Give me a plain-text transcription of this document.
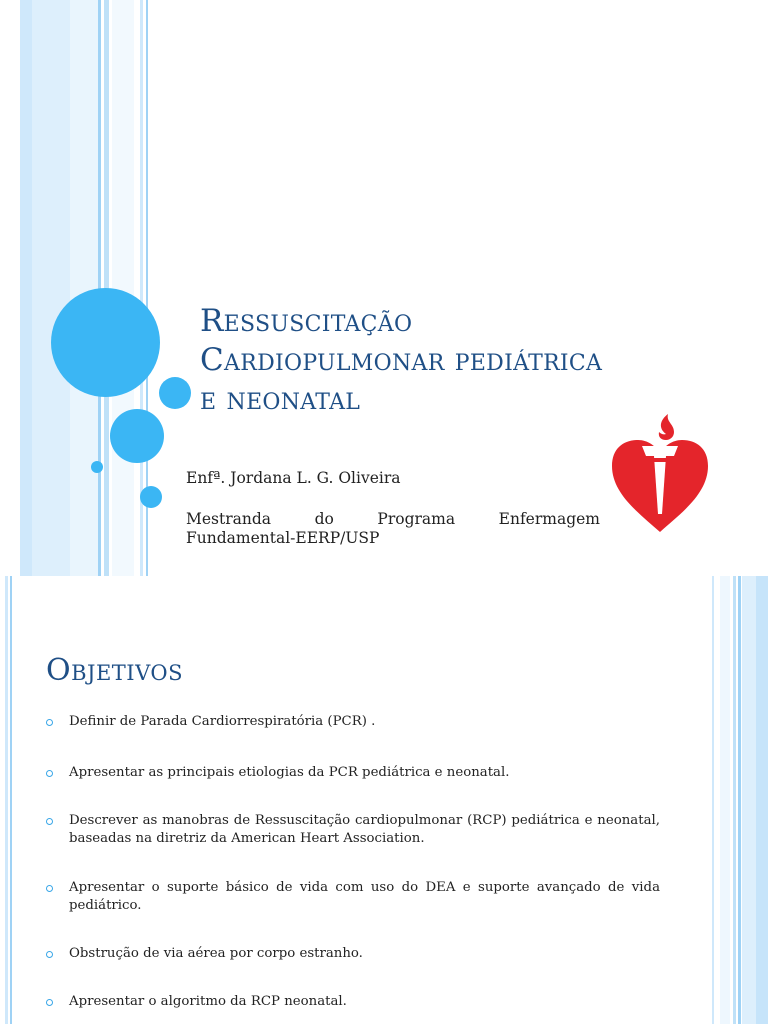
Ressuscitação
Cardiopulmonar pediátrica
e neonatal
Enfª. Jordana L. G. Oliveira
Mestranda do Programa Enfermagem
Fundamental-EERP/USP
Objetivos
Definir de Parada Cardiorrespiratória (PCR) .
Apresentar as principais etiologias da PCR pediátrica e neonatal.
Descrever as manobras de Ressuscitação cardiopulmonar (RCP) pediátrica e neonatal, baseadas na diretriz da American Heart Association.
Apresentar o suporte básico de vida com uso do DEA e suporte avançado de vida pediátrico.
Obstrução de via aérea por corpo estranho.
Apresentar o algoritmo da RCP neonatal.
